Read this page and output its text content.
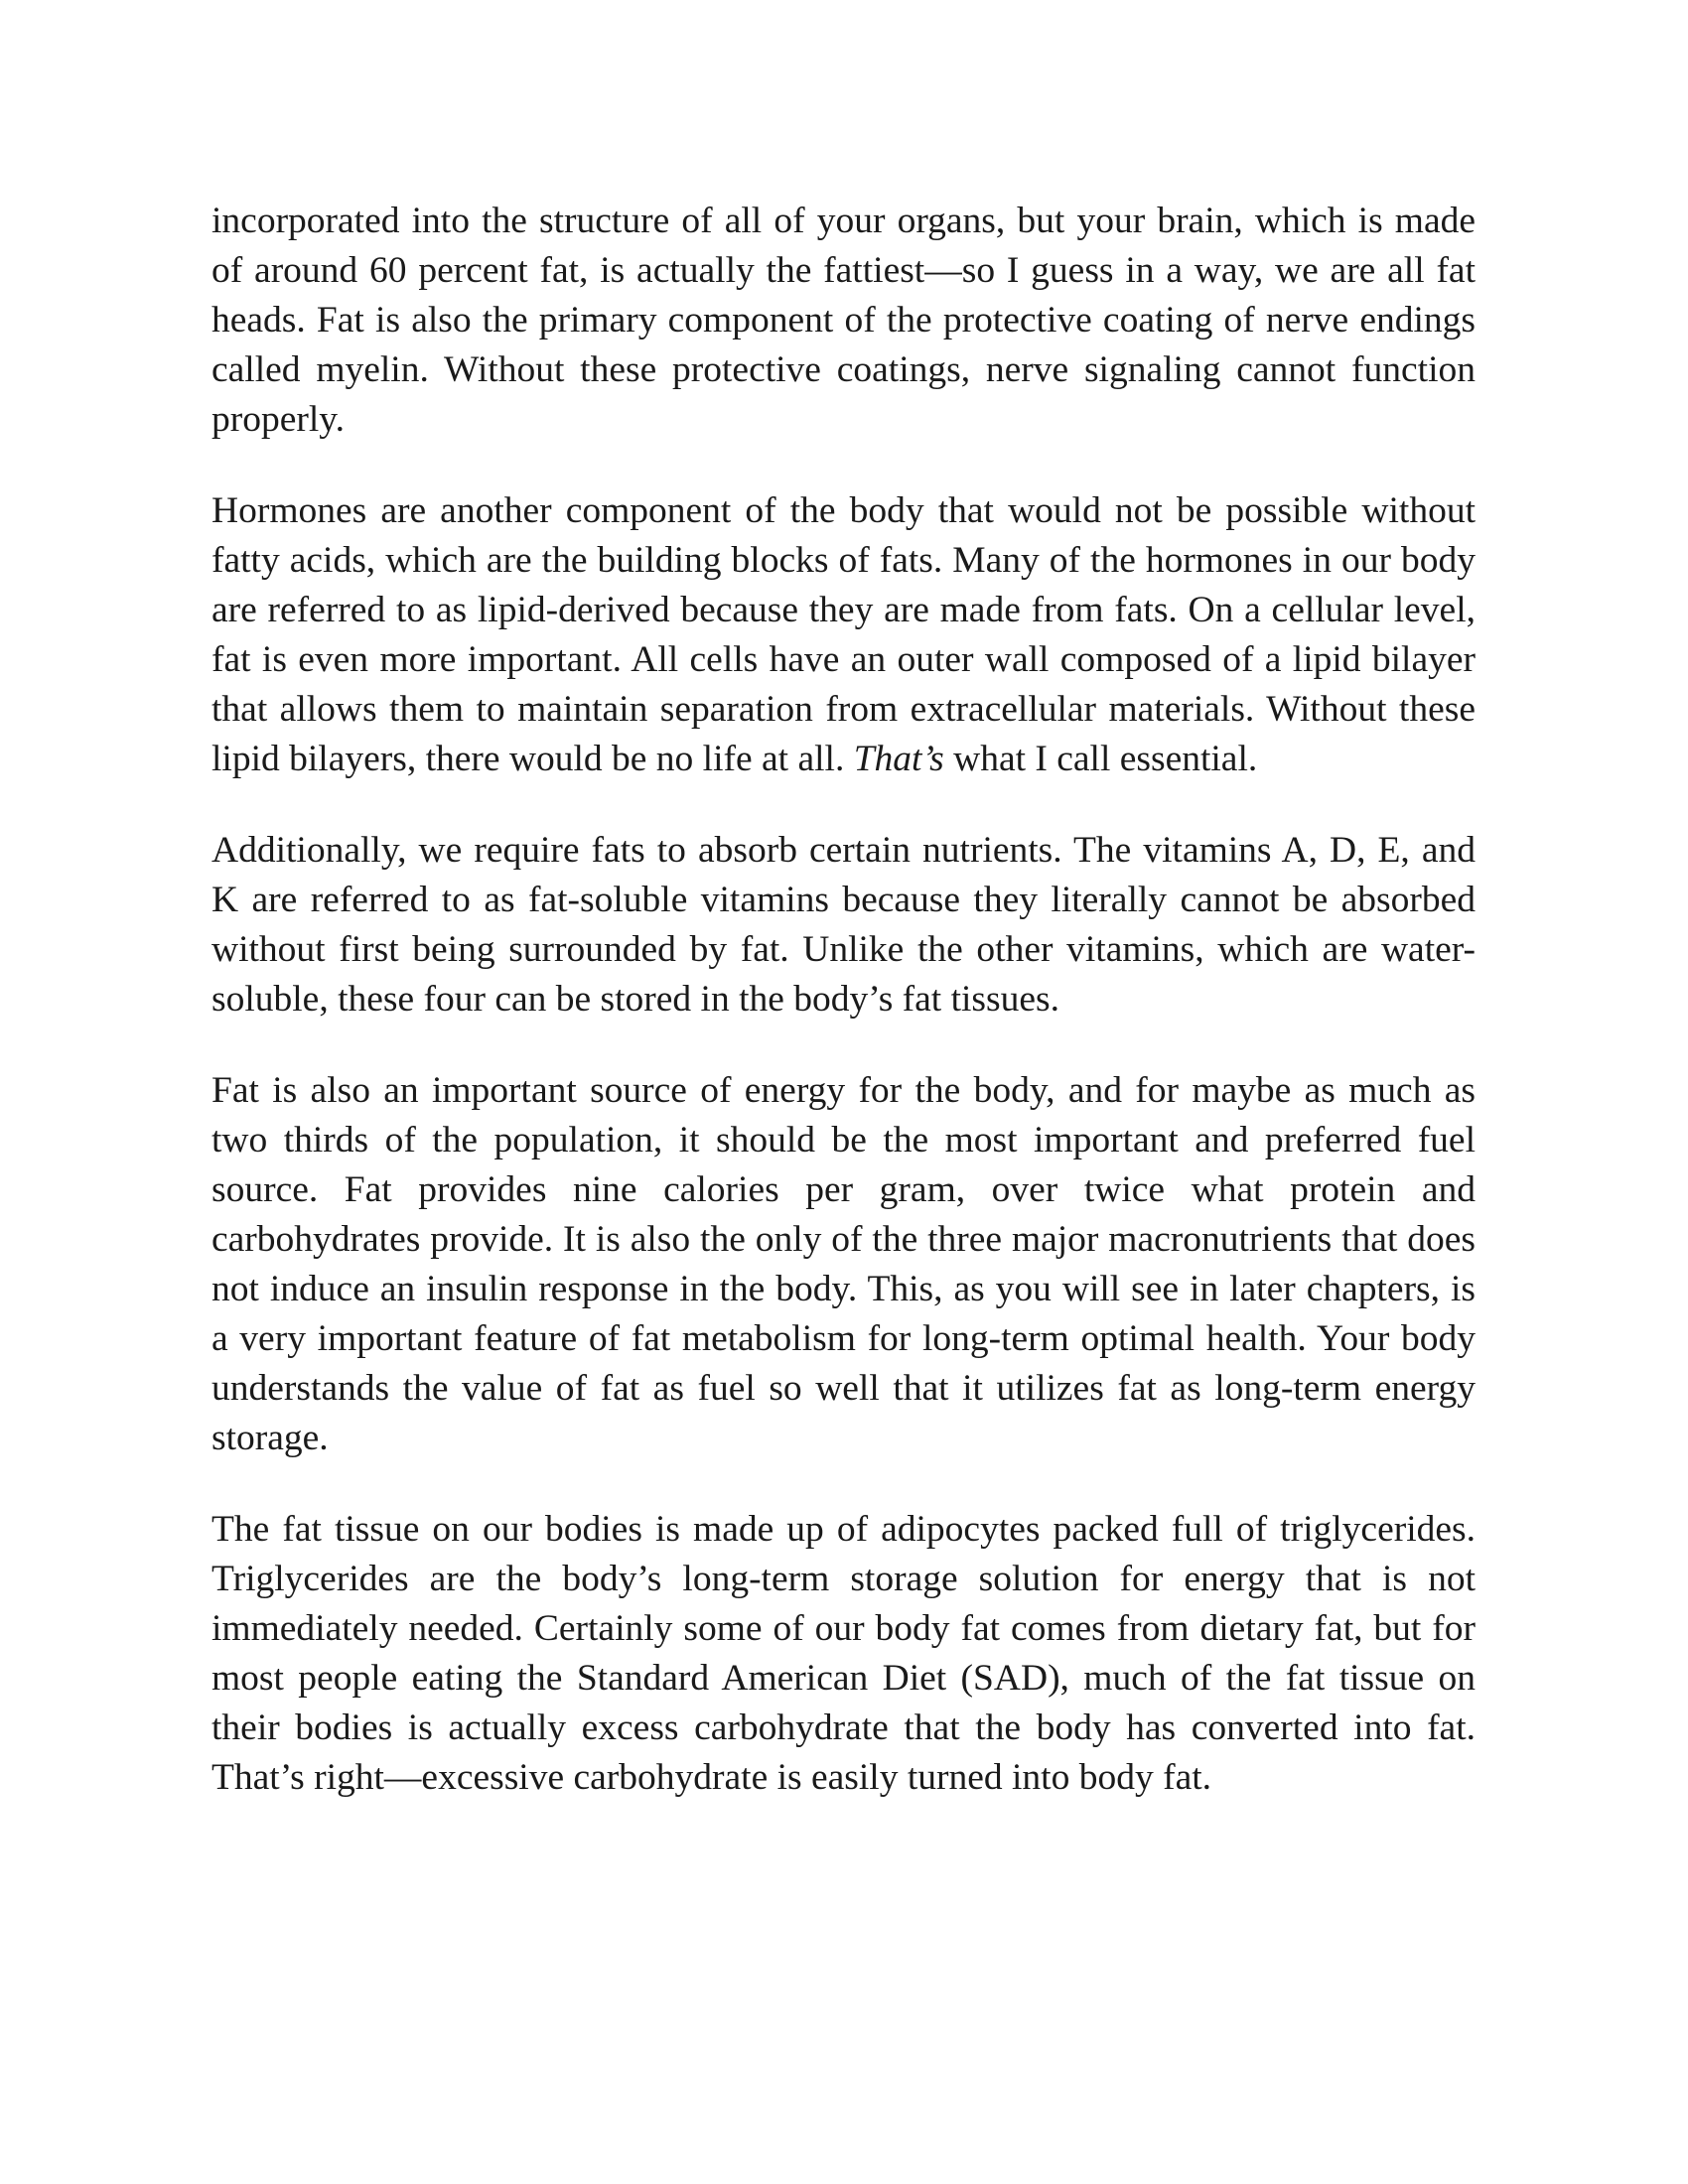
incorporated into the structure of all of your organs, but your brain, which is made of around 60 percent fat, is actually the fattiest—so I guess in a way, we are all fat heads. Fat is also the primary component of the protective coating of nerve endings called myelin. Without these protective coatings, nerve signaling cannot function properly.

Hormones are another component of the body that would not be possible without fatty acids, which are the building blocks of fats. Many of the hormones in our body are referred to as lipid-derived because they are made from fats. On a cellular level, fat is even more important. All cells have an outer wall composed of a lipid bilayer that allows them to maintain separation from extracellular materials. Without these lipid bilayers, there would be no life at all. That’s what I call essential.

Additionally, we require fats to absorb certain nutrients. The vitamins A, D, E, and K are referred to as fat-soluble vitamins because they literally cannot be absorbed without first being surrounded by fat. Unlike the other vitamins, which are water-soluble, these four can be stored in the body’s fat tissues.

Fat is also an important source of energy for the body, and for maybe as much as two thirds of the population, it should be the most important and preferred fuel source. Fat provides nine calories per gram, over twice what protein and carbohydrates provide. It is also the only of the three major macronutrients that does not induce an insulin response in the body. This, as you will see in later chapters, is a very important feature of fat metabolism for long-term optimal health. Your body understands the value of fat as fuel so well that it utilizes fat as long-term energy storage.

The fat tissue on our bodies is made up of adipocytes packed full of triglycerides. Triglycerides are the body’s long-term storage solution for energy that is not immediately needed. Certainly some of our body fat comes from dietary fat, but for most people eating the Standard American Diet (SAD), much of the fat tissue on their bodies is actually excess carbohydrate that the body has converted into fat. That’s right—excessive carbohydrate is easily turned into body fat.
